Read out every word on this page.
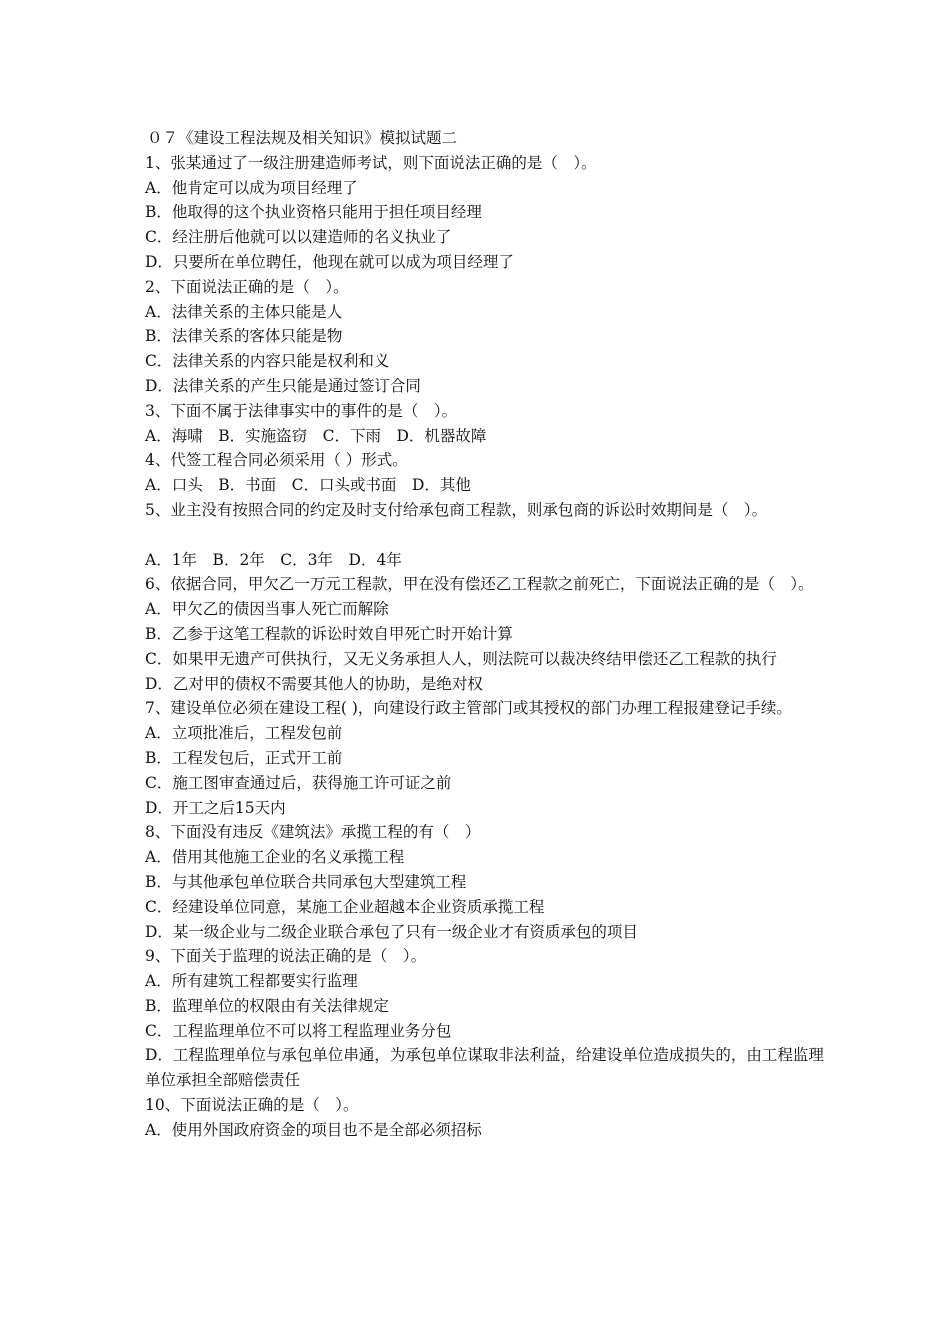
０７《建设工程法规及相关知识》模拟试题二

1、张某通过了一级注册建造师考试，则下面说法正确的是（　）。

A．他肯定可以成为项目经理了

B．他取得的这个执业资格只能用于担任项目经理

C．经注册后他就可以以建造师的名义执业了

D．只要所在单位聘任，他现在就可以成为项目经理了

2、下面说法正确的是（　）。

A．法律关系的主体只能是人

B．法律关系的客体只能是物

C．法律关系的内容只能是权利和义

D．法律关系的产生只能是通过签订合同

3、下面不属于法律事实中的事件的是（　）。

A．海啸　B．实施盗窃　C．下雨　D．机器故障

4、代签工程合同必须采用（ ）形式。

A．口头　B．书面　C．口头或书面　D．其他

5、业主没有按照合同的约定及时支付给承包商工程款，则承包商的诉讼时效期间是（　）。

A．1年　B．2年　C．3年　D．4年

6、依据合同，甲欠乙一万元工程款，甲在没有偿还乙工程款之前死亡，下面说法正确的是（　）。

A．甲欠乙的债因当事人死亡而解除

B．乙参于这笔工程款的诉讼时效自甲死亡时开始计算

C．如果甲无遗产可供执行，又无义务承担人人，则法院可以裁决终结甲偿还乙工程款的执行

D．乙对甲的债权不需要其他人的协助，是绝对权

7、建设单位必须在建设工程( )，向建设行政主管部门或其授权的部门办理工程报建登记手续。

A．立项批准后，工程发包前

B．工程发包后，正式开工前

C．施工图审查通过后，获得施工许可证之前

D．开工之后15天内

8、下面没有违反《建筑法》承揽工程的有（　）

A．借用其他施工企业的名义承揽工程

B．与其他承包单位联合共同承包大型建筑工程

C．经建设单位同意，某施工企业超越本企业资质承揽工程

D．某一级企业与二级企业联合承包了只有一级企业才有资质承包的项目

9、下面关于监理的说法正确的是（　）。

A．所有建筑工程都要实行监理

B．监理单位的权限由有关法律规定

C．工程监理单位不可以将工程监理业务分包

D．工程监理单位与承包单位串通，为承包单位谋取非法利益，给建设单位造成损失的，由工程监理单位承担全部赔偿责任

10、下面说法正确的是（　）。

A．使用外国政府资金的项目也不是全部必须招标
